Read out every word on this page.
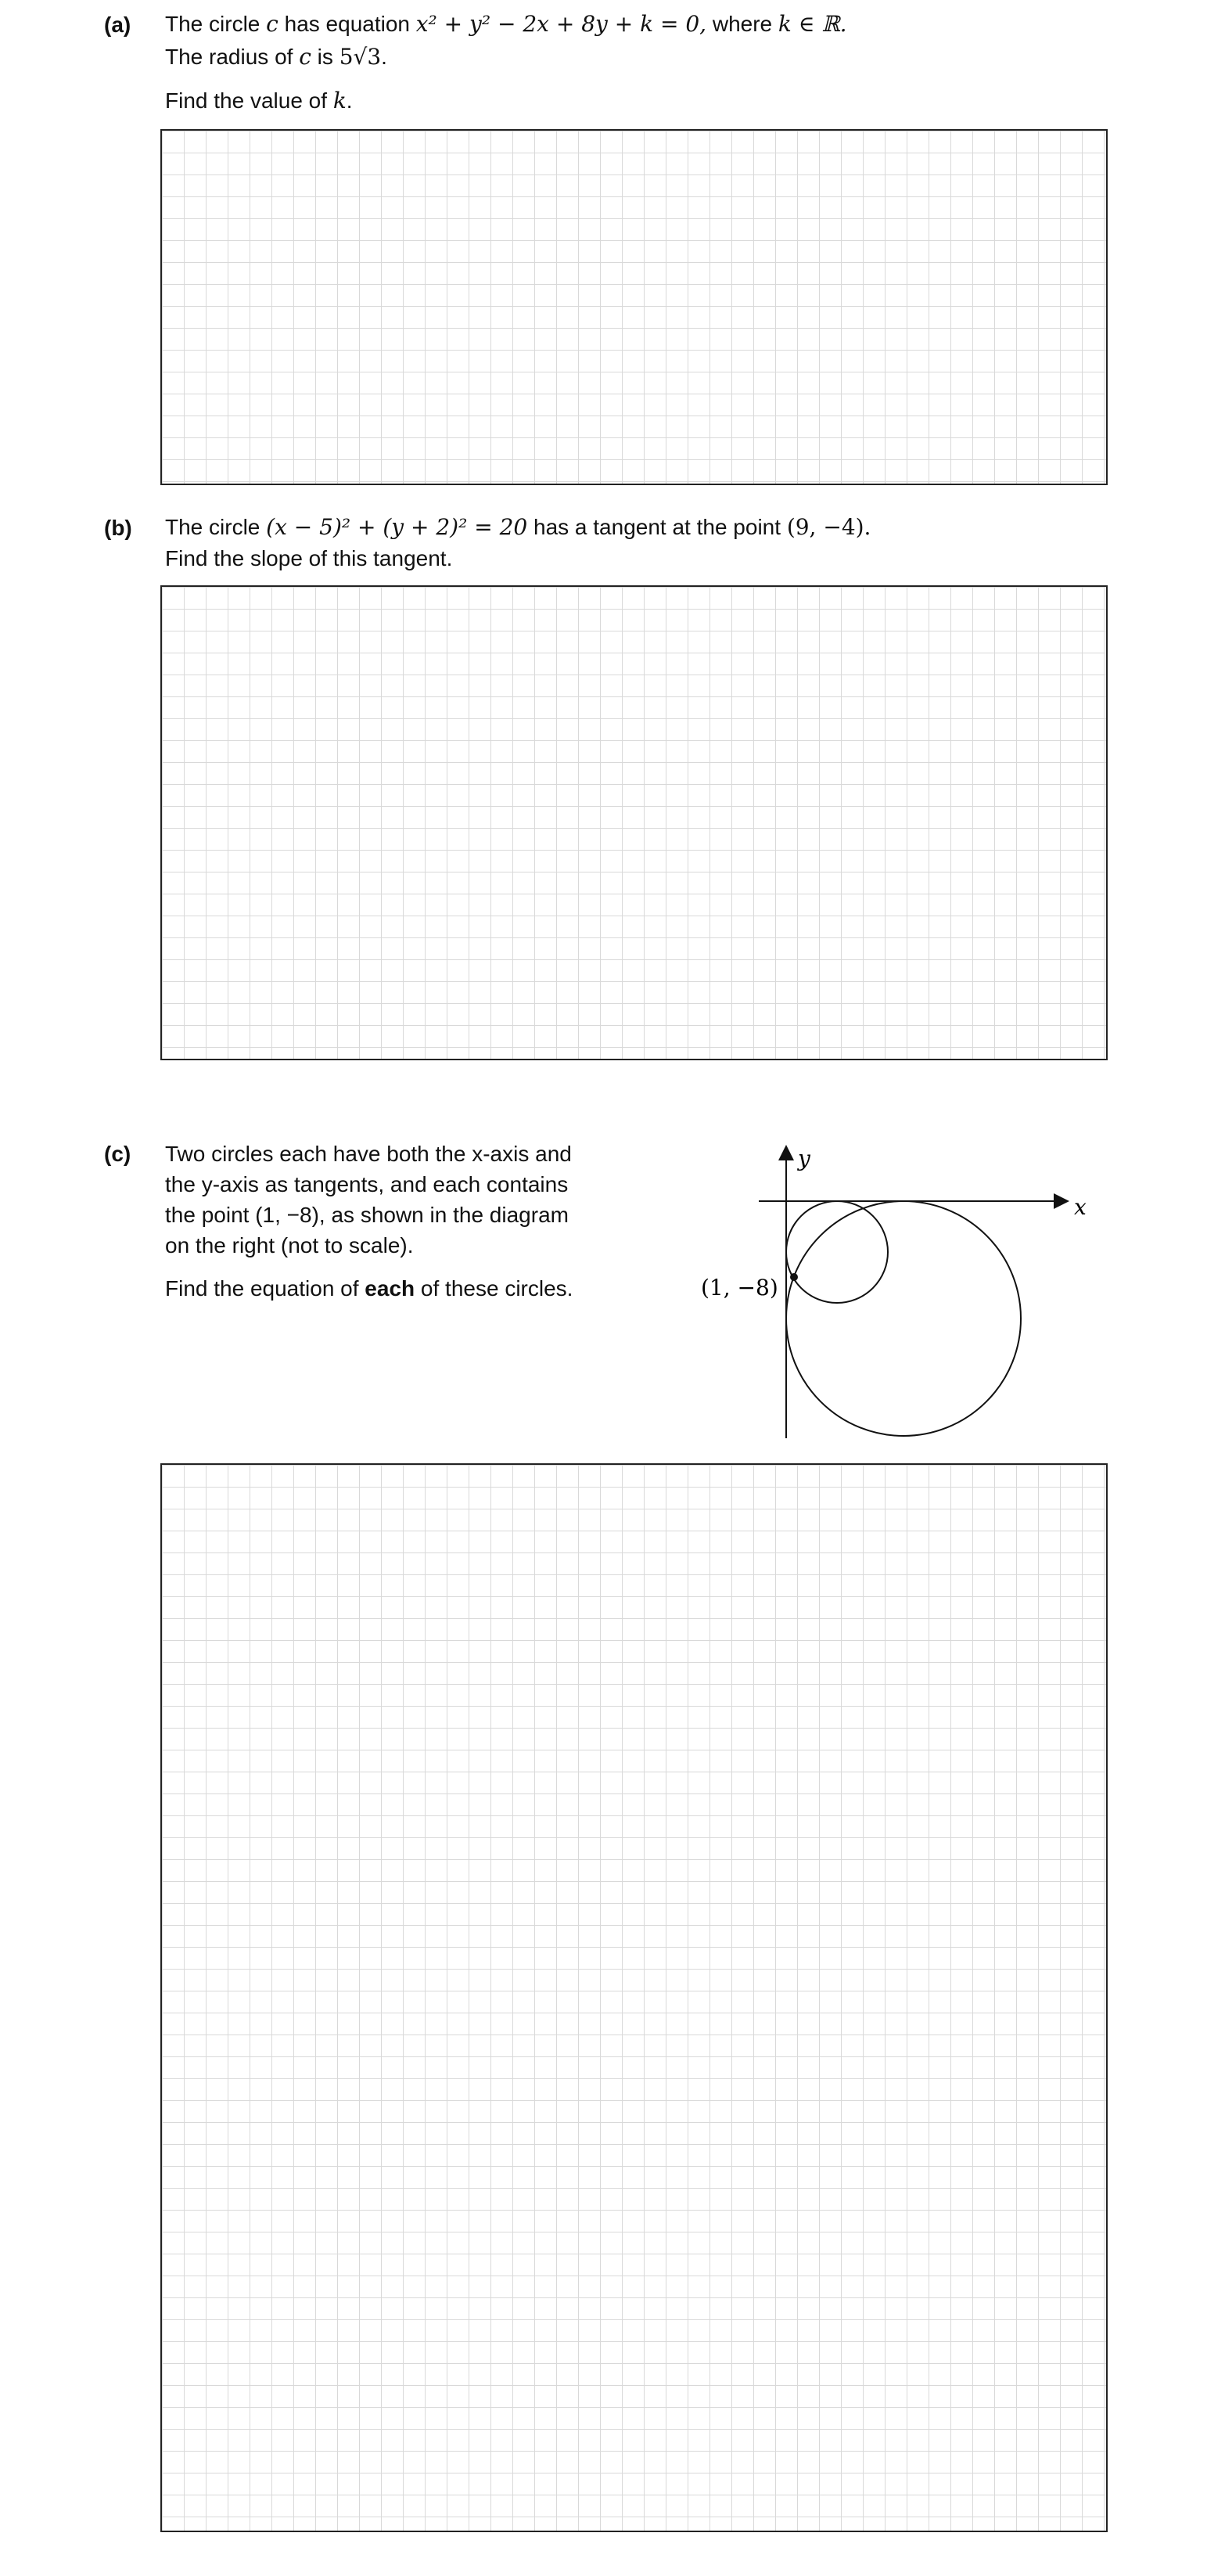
(a) The circle c has equation x² + y² − 2x + 8y + k = 0, where k ∈ ℝ.
The radius of c is 5√3.
Find the value of k.
(b) The circle (x − 5)² + (y + 2)² = 20 has a tangent at the point (9, −4).
Find the slope of this tangent.
(c) Two circles each have both the x-axis and
the y-axis as tangents, and each contains
the point (1, −8), as shown in the diagram
on the right (not to scale).
Find the equation of each of these circles.
y
x
(1, −8)
